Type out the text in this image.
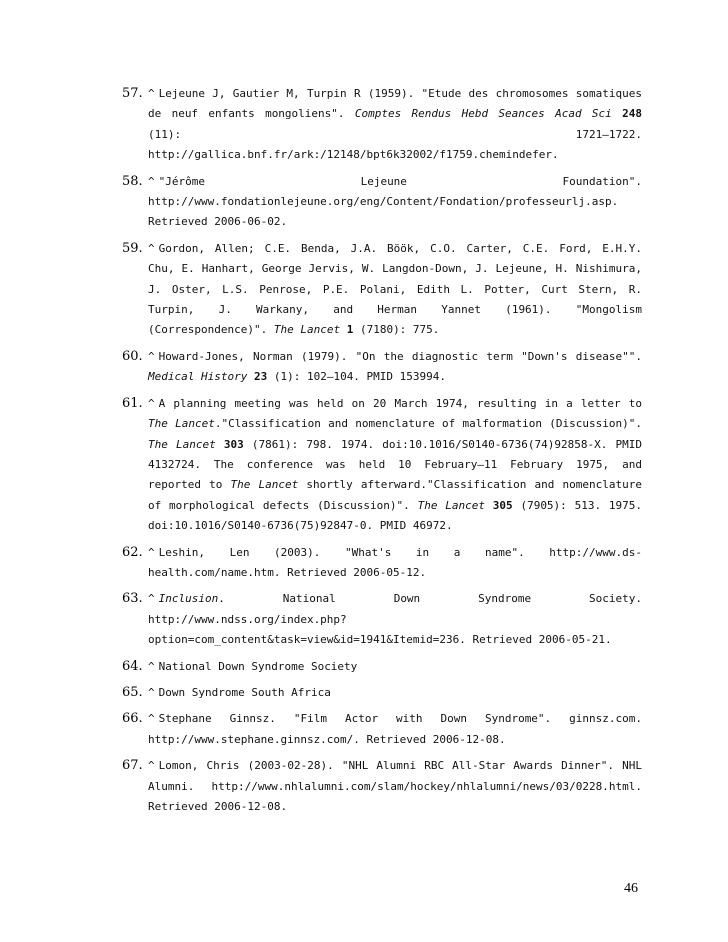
57. ^ Lejeune J, Gautier M, Turpin R (1959). "Etude des chromosomes somatiques de neuf enfants mongoliens". Comptes Rendus Hebd Seances Acad Sci 248 (11): 1721–1722. http://gallica.bnf.fr/ark:/12148/bpt6k32002/f1759.chemindefer.
58. ^ "Jérôme Lejeune Foundation". http://www.fondationlejeune.org/eng/Content/Fondation/professeurlj.asp. Retrieved 2006-06-02.
59. ^ Gordon, Allen; C.E. Benda, J.A. Böök, C.O. Carter, C.E. Ford, E.H.Y. Chu, E. Hanhart, George Jervis, W. Langdon-Down, J. Lejeune, H. Nishimura, J. Oster, L.S. Penrose, P.E. Polani, Edith L. Potter, Curt Stern, R. Turpin, J. Warkany, and Herman Yannet (1961). "Mongolism (Correspondence)". The Lancet 1 (7180): 775.
60. ^ Howard-Jones, Norman (1979). "On the diagnostic term "Down's disease"". Medical History 23 (1): 102–104. PMID 153994.
61. ^ A planning meeting was held on 20 March 1974, resulting in a letter to The Lancet."Classification and nomenclature of malformation (Discussion)". The Lancet 303 (7861): 798. 1974. doi:10.1016/S0140-6736(74)92858-X. PMID 4132724. The conference was held 10 February–11 February 1975, and reported to The Lancet shortly afterward."Classification and nomenclature of morphological defects (Discussion)". The Lancet 305 (7905): 513. 1975. doi:10.1016/S0140-6736(75)92847-0. PMID 46972.
62. ^ Leshin, Len (2003). "What's in a name". http://www.ds-health.com/name.htm. Retrieved 2006-05-12.
63. ^ Inclusion. National Down Syndrome Society. http://www.ndss.org/index.php?option=com_content&task=view&id=1941&Itemid=236. Retrieved 2006-05-21.
64. ^ National Down Syndrome Society
65. ^ Down Syndrome South Africa
66. ^ Stephane Ginnsz. "Film Actor with Down Syndrome". ginnsz.com. http://www.stephane.ginnsz.com/. Retrieved 2006-12-08.
67. ^ Lomon, Chris (2003-02-28). "NHL Alumni RBC All-Star Awards Dinner". NHL Alumni. http://www.nhlalumni.com/slam/hockey/nhlalumni/news/03/0228.html. Retrieved 2006-12-08.
46
